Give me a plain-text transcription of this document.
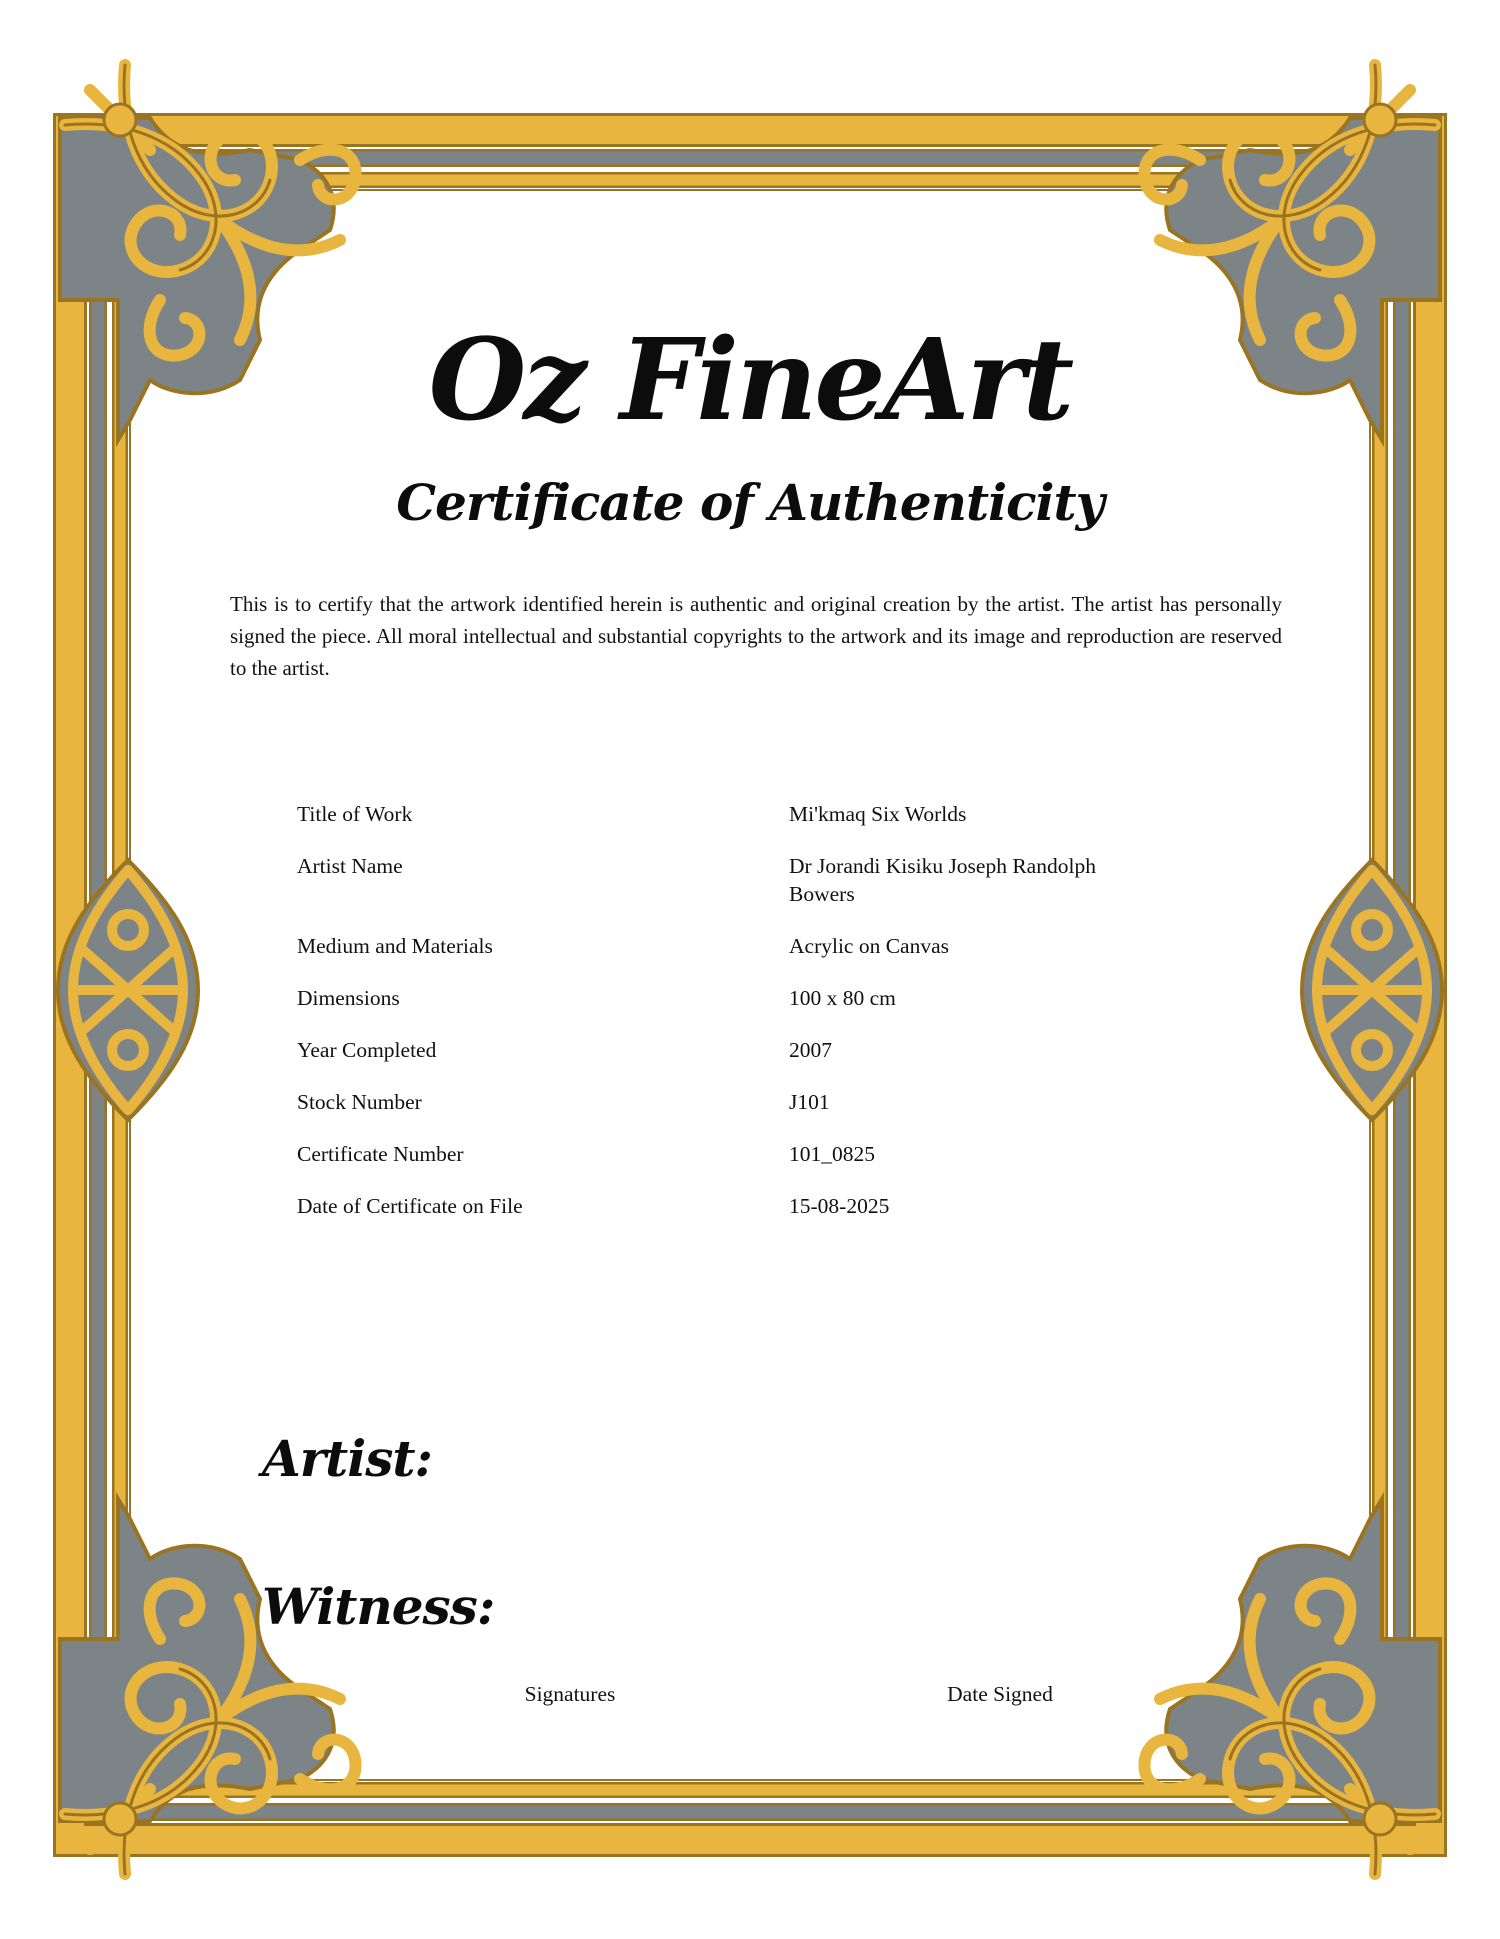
Oz FineArt
Certificate of Authenticity

This is to certify that the artwork identified herein is authentic and original creation by the artist. The artist has personally signed the piece. All moral intellectual and substantial copyrights to the artwork and its image and reproduction are reserved to the artist.

Title of Work	Mi'kmaq Six Worlds
Artist Name	Dr Jorandi Kisiku Joseph Randolph Bowers
Medium and Materials	Acrylic on Canvas
Dimensions	100 x 80 cm
Year Completed	2007
Stock Number	J101
Certificate Number	101_0825
Date of Certificate on File	15-08-2025
Artist:
Witness:
Signatures	Date Signed
